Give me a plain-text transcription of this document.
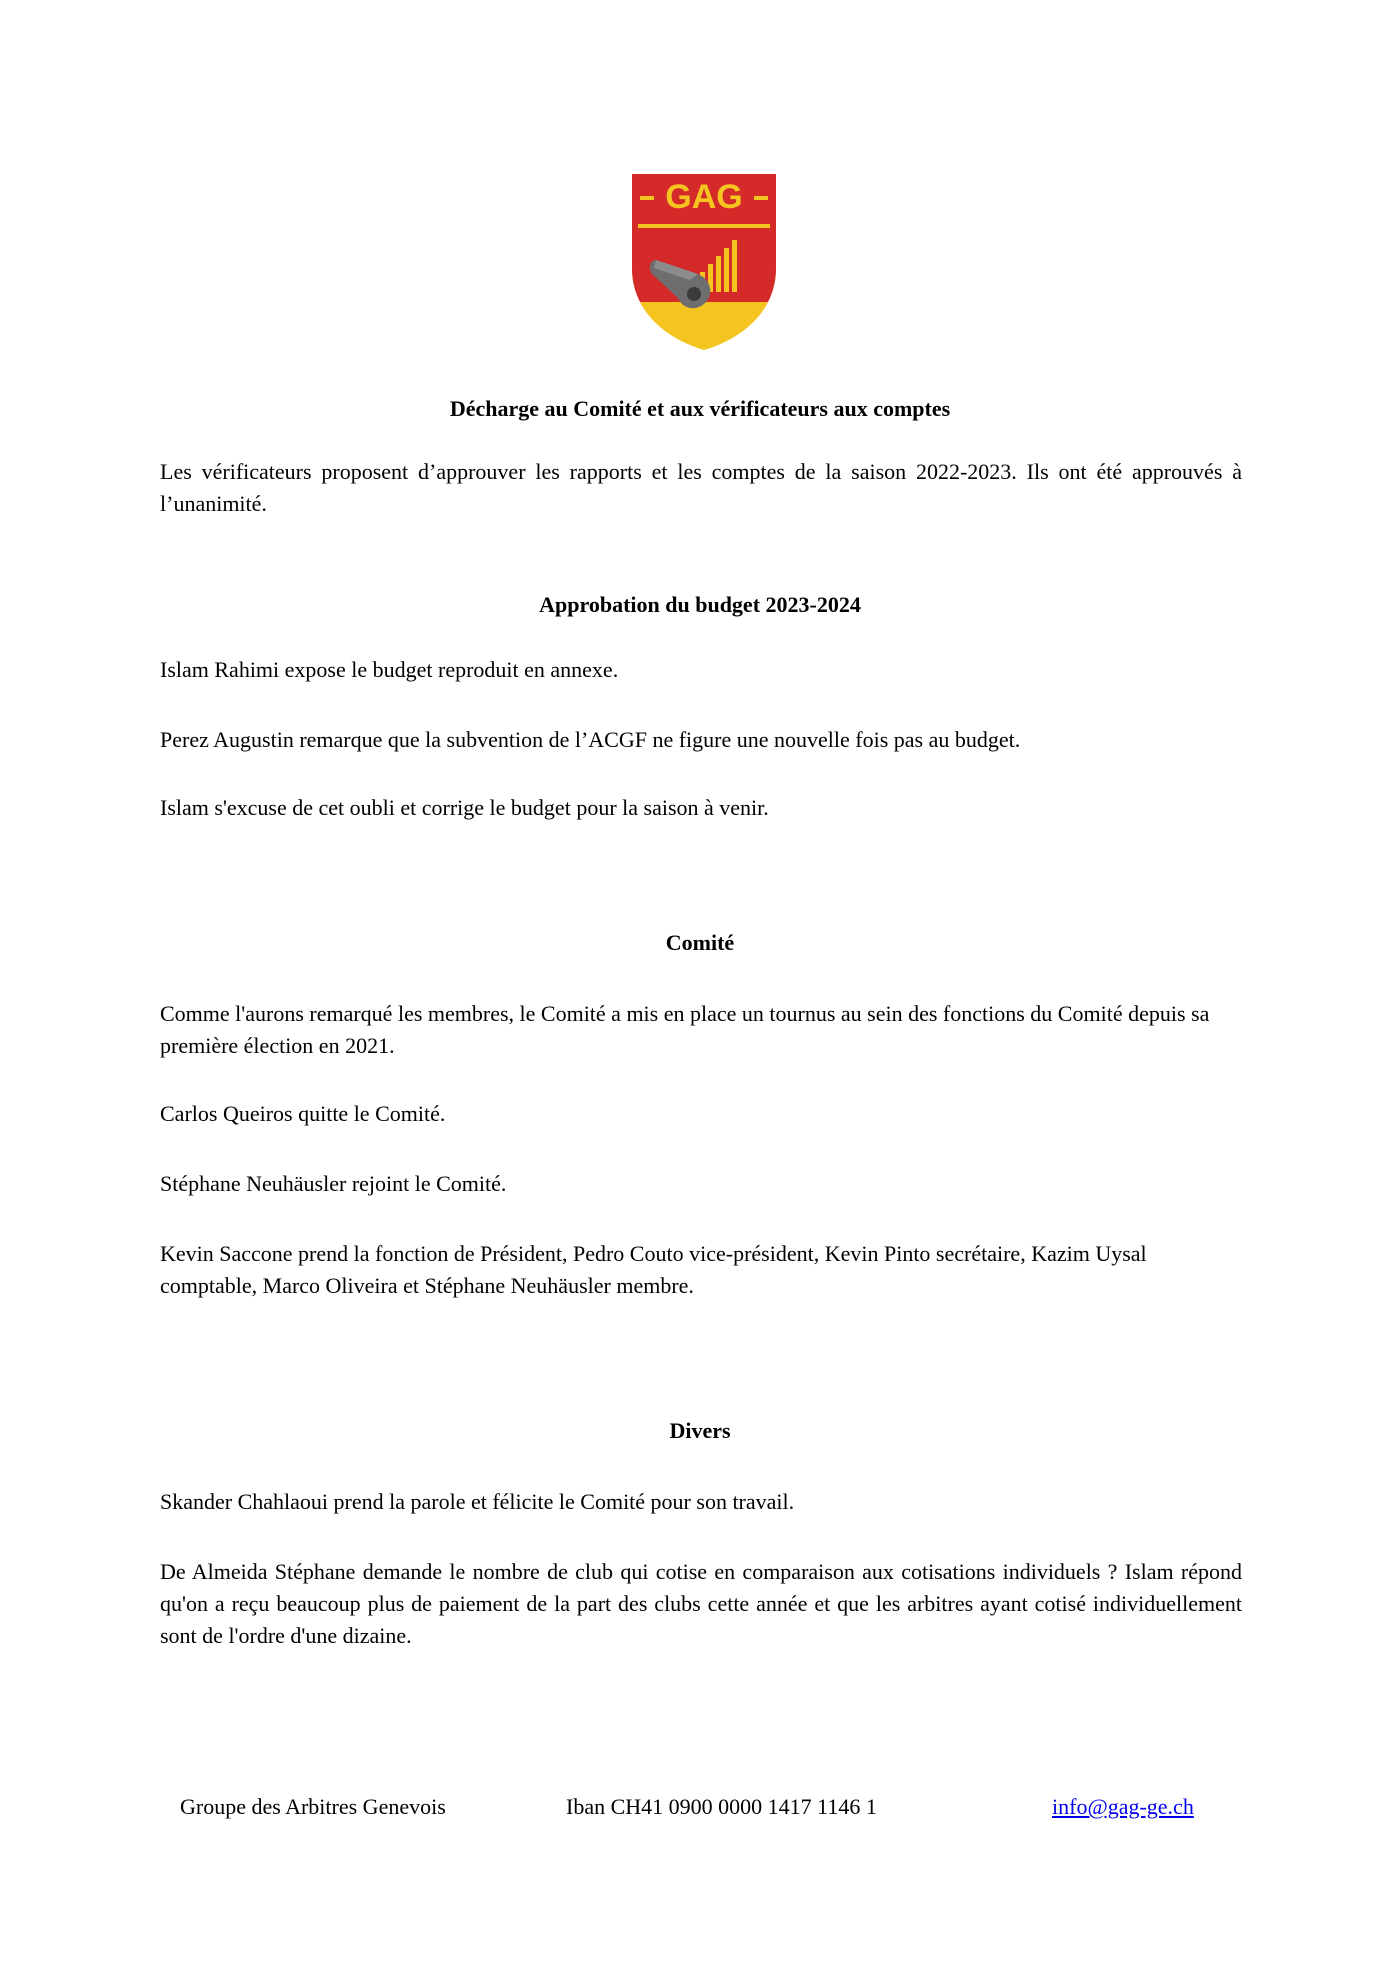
GAG
Décharge au Comité et aux vérificateurs aux comptes

Les vérificateurs proposent d’approuver les rapports et les comptes de la saison 2022-2023. Ils ont été approuvés à l’unanimité.

Approbation du budget 2023-2024

Islam Rahimi expose le budget reproduit en annexe.

Perez Augustin remarque que la subvention de l’ACGF ne figure une nouvelle fois pas au budget.

Islam s'excuse de cet oubli et corrige le budget pour la saison à venir.

Comité

Comme l'aurons remarqué les membres, le Comité a mis en place un tournus au sein des fonctions du Comité depuis sa première élection en 2021.

Carlos Queiros quitte le Comité.

Stéphane Neuhäusler rejoint le Comité.

Kevin Saccone prend la fonction de Président, Pedro Couto vice-président, Kevin Pinto secrétaire, Kazim Uysal comptable, Marco Oliveira et Stéphane Neuhäusler membre.

Divers

Skander Chahlaoui prend la parole et félicite le Comité pour son travail.

De Almeida Stéphane demande le nombre de club qui cotise en comparaison aux cotisations individuels ? Islam répond qu'on a reçu beaucoup plus de paiement de la part des clubs cette année et que les arbitres ayant cotisé individuellement sont de l'ordre d'une dizaine.

Groupe des Arbitres Genevois	Iban CH41 0900 0000 1417 1146 1	info@gag-ge.ch
